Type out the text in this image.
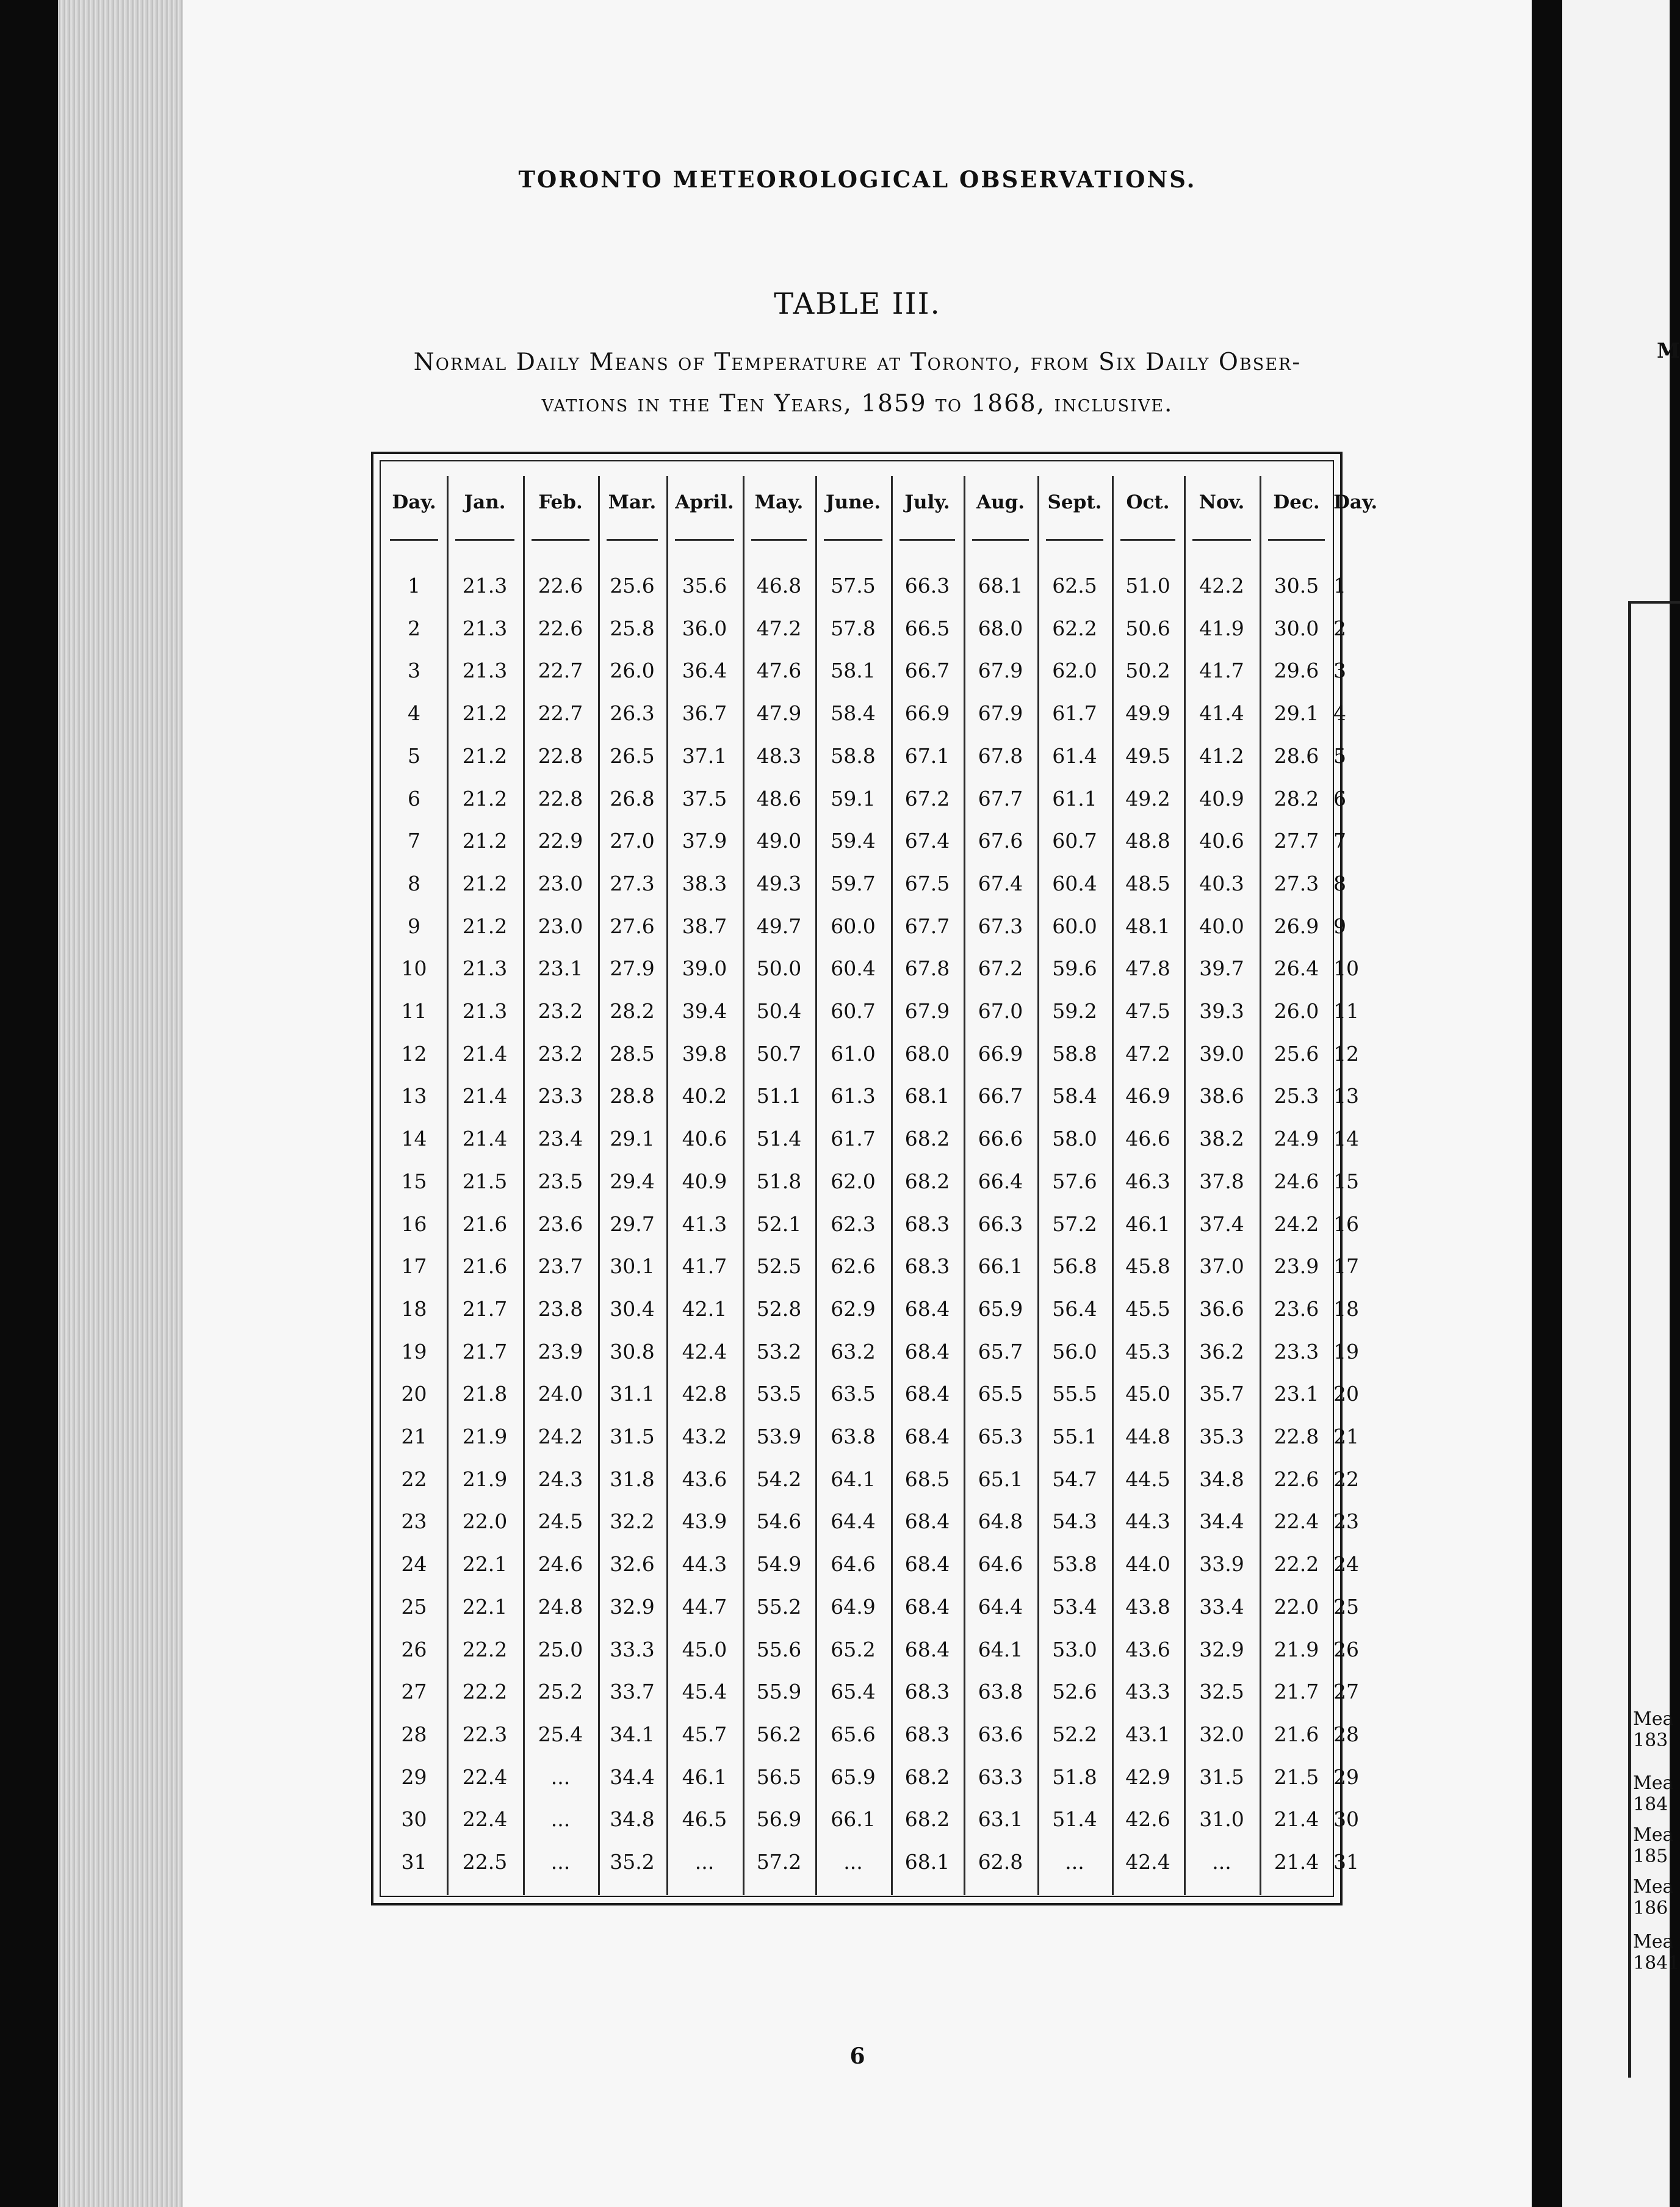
TORONTO METEOROLOGICAL OBSERVATIONS.
TABLE III.
Normal Daily Means of Temperature at Toronto, from Six Daily Obser-
vations in the Ten Years, 1859 to 1868, inclusive.
Day.	Jan.	Feb.	Mar. April.	May.	June.	July.	Aug.	Sept.	Oct.	Nov.	Dec. Day.
1	21.3	22.6	25.6	35.6	46.8	57.5	66.3	68.1	62.5	51.0	42.2	30.5 1
2	21.3	22.6	25.8	36.0	47.2	57.8	66.5	68.0	62.2	50.6	41.9	30.0 2
3	21.3	22.7	26.0	36.4	47.6	58.1	66.7	67.9	62.0	50.2	41.7	29.6 3
4	21.2	22.7	26.3	36.7	47.9	58.4	66.9	67.9	61.7	49.9	41.4	29.1 4
5	21.2	22.8	26.5	37.1	48.3	58.8	67.1	67.8	61.4	49.5	41.2	28.6 5
6	21.2	22.8	26.8	37.5	48.6	59.1	67.2	67.7	61.1	49.2	40.9	28.2 6
7	21.2	22.9	27.0	37.9	49.0	59.4	67.4	67.6	60.7	48.8	40.6	27.7 7
8	21.2	23.0	27.3	38.3	49.3	59.7	67.5	67.4	60.4	48.5	40.3	27.3 8
9	21.2	23.0	27.6	38.7	49.7	60.0	67.7	67.3	60.0	48.1	40.0	26.9 9
10	21.3	23.1	27.9	39.0	50.0	60.4	67.8	67.2	59.6	47.8	39.7	26.4 10
11	21.3	23.2	28.2	39.4	50.4	60.7	67.9	67.0	59.2	47.5	39.3	26.0 11
12	21.4	23.2	28.5	39.8	50.7	61.0	68.0	66.9	58.8	47.2	39.0	25.6 12
13	21.4	23.3	28.8	40.2	51.1	61.3	68.1	66.7	58.4	46.9	38.6	25.3 13
14	21.4	23.4	29.1	40.6	51.4	61.7	68.2	66.6	58.0	46.6	38.2	24.9 14
15	21.5	23.5	29.4	40.9	51.8	62.0	68.2	66.4	57.6	46.3	37.8	24.6 15
16	21.6	23.6	29.7	41.3	52.1	62.3	68.3	66.3	57.2	46.1	37.4	24.2 16
17	21.6	23.7	30.1	41.7	52.5	62.6	68.3	66.1	56.8	45.8	37.0	23.9 17
18	21.7	23.8	30.4	42.1	52.8	62.9	68.4	65.9	56.4	45.5	36.6	23.6 18
19	21.7	23.9	30.8	42.4	53.2	63.2	68.4	65.7	56.0	45.3	36.2	23.3 19
20	21.8	24.0	31.1	42.8	53.5	63.5	68.4	65.5	55.5	45.0	35.7	23.1 20
21	21.9	24.2	31.5	43.2	53.9	63.8	68.4	65.3	55.1	44.8	35.3	22.8 21
22	21.9	24.3	31.8	43.6	54.2	64.1	68.5	65.1	54.7	44.5	34.8	22.6 22
23	22.0	24.5	32.2	43.9	54.6	64.4	68.4	64.8	54.3	44.3	34.4	22.4 23
24	22.1	24.6	32.6	44.3	54.9	64.6	68.4	64.6	53.8	44.0	33.9	22.2 24
25	22.1	24.8	32.9	44.7	55.2	64.9	68.4	64.4	53.4	43.8	33.4	22.0 25
26	22.2	25.0	33.3	45.0	55.6	65.2	68.4	64.1	53.0	43.6	32.9	21.9 26
27	22.2	25.2	33.7	45.4	55.9	65.4	68.3	63.8	52.6	43.3	32.5	21.7 27
28	22.3	25.4	34.1	45.7	56.2	65.6	68.3	63.6	52.2	43.1	32.0	21.6 28
29	22.4	...	34.4	46.1	56.5	65.9	68.2	63.3	51.8	42.9	31.5	21.5 29
30	22.4	...	34.8	46.5	56.9	66.1	68.2	63.1	51.4	42.6	31.0	21.4 30
31	22.5	...	35.2	...	57.2	...	68.1	62.8	...	42.4	...	21.4 31
6
M
Mea
183
Mea
184
Mea
185
Mea
186
Mea
1841
